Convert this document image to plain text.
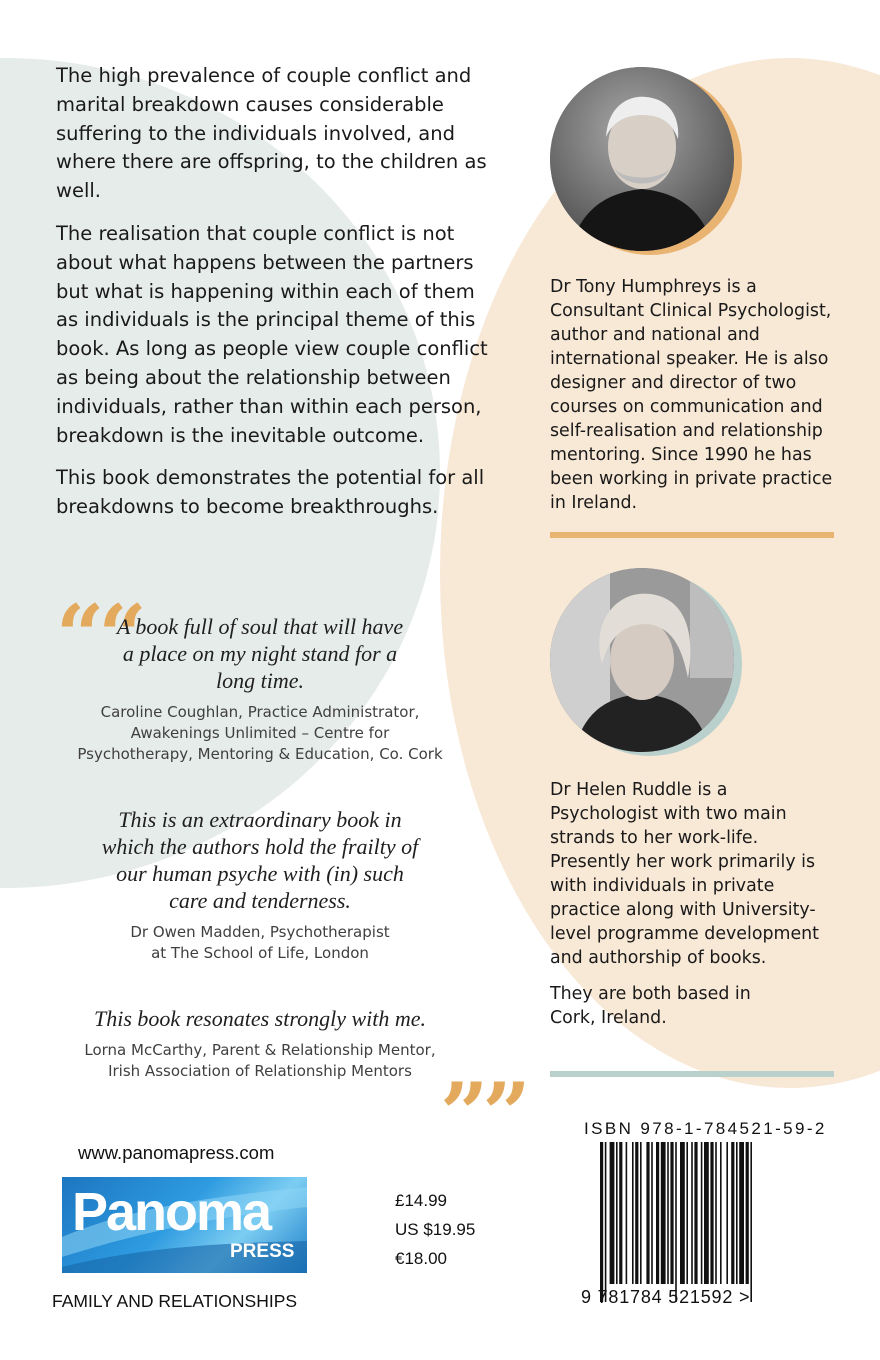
The high prevalence of couple conflict and marital breakdown causes considerable suffering to the individuals involved, and where there are offspring, to the children as well.

The realisation that couple conflict is not about what happens between the partners but what is happening within each of them as individuals is the principal theme of this book. As long as people view couple conflict as being about the relationship between individuals, rather than within each person, breakdown is the inevitable outcome.

This book demonstrates the potential for all breakdowns to become breakthroughs.

““

A book full of soul that will have a place on my night stand for a long time.

Caroline Coughlan, Practice Administrator,
Awakenings Unlimited – Centre for
Psychotherapy, Mentoring & Education, Co. Cork

This is an extraordinary book in which the authors hold the frailty of our human psyche with (in) such care and tenderness.

Dr Owen Madden, Psychotherapist
at The School of Life, London

This book resonates strongly with me.

Lorna McCarthy, Parent & Relationship Mentor,
Irish Association of Relationship Mentors ””

Dr Tony Humphreys is a Consultant Clinical Psychologist, author and national and international speaker. He is also designer and director of two courses on communication and self-realisation and relationship mentoring. Since 1990 he has been working in private practice in Ireland.

Dr Helen Ruddle is a Psychologist with two main strands to her work-life. Presently her work primarily is with individuals in private practice along with University-level programme development and authorship of books.

They are both based in Cork, Ireland.

www.panomapress.com
Panoma
PRESS
£14.99
US $19.95
€18.00
FAMILY AND RELATIONSHIPS
ISBN 978-1-784521-59-2
9 781784 521592 >
